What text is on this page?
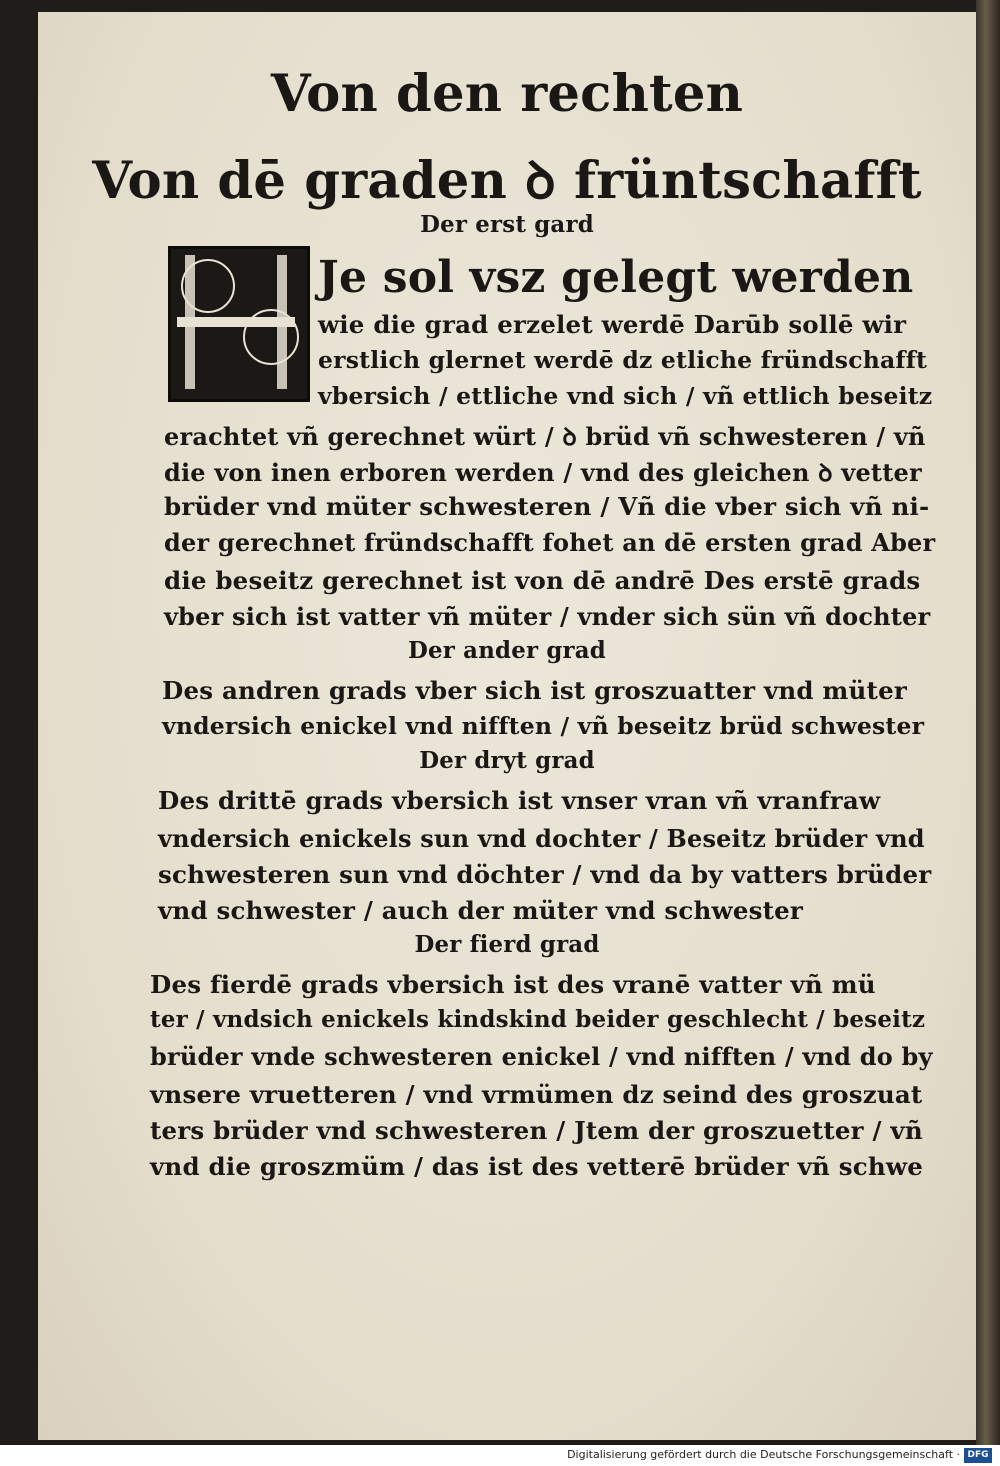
Von den rechten
Von dē graden ꝺ früntschafft
Der erst gard
Je sol vsz gelegt werden
wie die grad erzelet werdē Darūb sollē wir
erstlich glernet werdē dz etliche fründschafft
vbersich / ettliche vnd sich / vñ ettlich beseitz
erachtet vñ gerechnet würt / ꝺ brüd vñ schwesteren / vñ
die von inen erboren werden / vnd des gleichen ꝺ vetter
brüder vnd müter schwesteren / Vñ die vber sich vñ ni-
der gerechnet fründschafft fohet an dē ersten grad Aber
die beseitz gerechnet ist von dē andrē Des erstē grads
vber sich ist vatter vñ müter / vnder sich sün vñ dochter
Der ander grad
Des andren grads vber sich ist groszuatter vnd müter
vndersich enickel vnd nifften / vñ beseitz brüd schwester
Der dryt grad
Des drittē grads vbersich ist vnser vran vñ vranfraw
vndersich enickels sun vnd dochter / Beseitz brüder vnd
schwesteren sun vnd döchter / vnd da by vatters brüder
vnd schwester / auch der müter vnd schwester
Der fierd grad
Des fierdē grads vbersich ist des vranē vatter vñ mü
ter / vndsich enickels kindskind beider geschlecht / beseitz
brüder vnde schwesteren enickel / vnd nifften / vnd do by
vnsere vruetteren / vnd vrmümen dz seind des groszuat
ters brüder vnd schwesteren / Jtem der groszuetter / vñ
vnd die groszmüm / das ist des vetterē brüder vñ schwe
Digitalisierung gefördert durch die Deutsche Forschungsgemeinschaft · DFG
